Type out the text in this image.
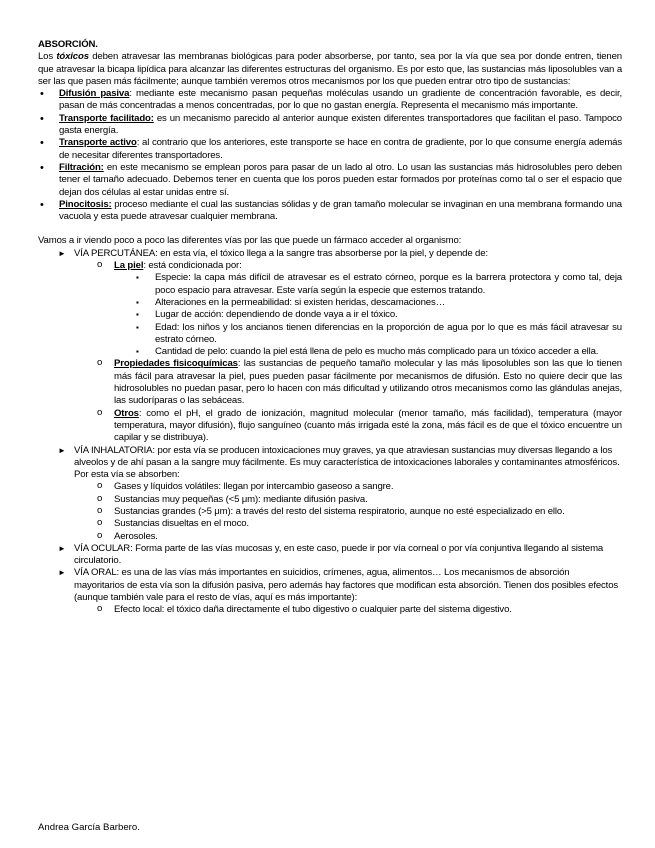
ABSORCIÓN.

Los tóxicos deben atravesar las membranas biológicas para poder absorberse, por tanto, sea por la vía que sea por donde entren, tienen que atravesar la bicapa lipídica para alcanzar las diferentes estructuras del organismo. Es por esto que, las sustancias más liposolubles van a ser las que pasen más fácilmente; aunque también veremos otros mecanismos por los que pueden entrar otro tipo de sustancias:

• Difusión pasiva: mediante este mecanismo pasan pequeñas moléculas usando un gradiente de concentración favorable, es decir, pasan de más concentradas a menos concentradas, por lo que no gastan energía. Representa el mecanismo más importante.
• Transporte facilitado: es un mecanismo parecido al anterior aunque existen diferentes transportadores que facilitan el paso. Tampoco gasta energía.
• Transporte activo: al contrario que los anteriores, este transporte se hace en contra de gradiente, por lo que consume energía además de necesitar diferentes transportadores.
• Filtración: en este mecanismo se emplean poros para pasar de un lado al otro. Lo usan las sustancias más hidrosolubles pero deben tener el tamaño adecuado. Debemos tener en cuenta que los poros pueden estar formados por proteínas como tal o ser el espacio que dejan dos células al estar unidas entre sí.
• Pinocitosis: proceso mediante el cual las sustancias sólidas y de gran tamaño molecular se invaginan en una membrana formando una vacuola y esta puede atravesar cualquier membrana.

Vamos a ir viendo poco a poco las diferentes vías por las que puede un fármaco acceder al organismo:

► VÍA PERCUTÁNEA: en esta vía, el tóxico llega a la sangre tras absorberse por la piel, y depende de:
o La piel: está condicionada por:
▪ Especie: la capa más difícil de atravesar es el estrato córneo, porque es la barrera protectora y como tal, deja poco espacio para atravesar. Este varía según la especie que estemos tratando.
▪ Alteraciones en la permeabilidad: si existen heridas, descamaciones…
▪ Lugar de acción: dependiendo de donde vaya a ir el tóxico.
▪ Edad: los niños y los ancianos tienen diferencias en la proporción de agua por lo que es más fácil atravesar su estrato córneo.
▪ Cantidad de pelo: cuando la piel está llena de pelo es mucho más complicado para un tóxico acceder a ella.
o Propiedades fisicoquímicas: las sustancias de pequeño tamaño molecular y las más liposolubles son las que lo tienen más fácil para atravesar la piel, pues pueden pasar fácilmente por mecanismos de difusión. Esto no quiere decir que las hidrosolubles no puedan pasar, pero lo hacen con más dificultad y utilizando otros mecanismos como las glándulas anejas, las sudoríparas o las sebáceas.
o Otros: como el pH, el grado de ionización, magnitud molecular (menor tamaño, más facilidad), temperatura (mayor temperatura, mayor difusión), flujo sanguíneo (cuanto más irrigada esté la zona, más fácil es de que el tóxico encuentre un capilar y se distribuya).
► VÍA INHALATORIA: por esta vía se producen intoxicaciones muy graves, ya que atraviesan sustancias muy diversas llegando a los alveolos y de ahí pasan a la sangre muy fácilmente. Es muy característica de intoxicaciones laborales y contaminantes atmosféricos. Por esta vía se absorben:
o Gases y líquidos volátiles: llegan por intercambio gaseoso a sangre.
o Sustancias muy pequeñas (<5 μm): mediante difusión pasiva.
o Sustancias grandes (>5 μm): a través del resto del sistema respiratorio, aunque no esté especializado en ello.
o Sustancias disueltas en el moco.
o Aerosoles.
► VÍA OCULAR: Forma parte de las vías mucosas y, en este caso, puede ir por vía corneal o por vía conjuntiva llegando al sistema circulatorio.
► VÍA ORAL: es una de las vías más importantes en suicidios, crímenes, agua, alimentos… Los mecanismos de absorción mayoritarios de esta vía son la difusión pasiva, pero además hay factores que modifican esta absorción. Tienen dos posibles efectos (aunque también vale para el resto de vías, aquí es más importante):
o Efecto local: el tóxico daña directamente el tubo digestivo o cualquier parte del sistema digestivo.
Andrea García Barbero.
